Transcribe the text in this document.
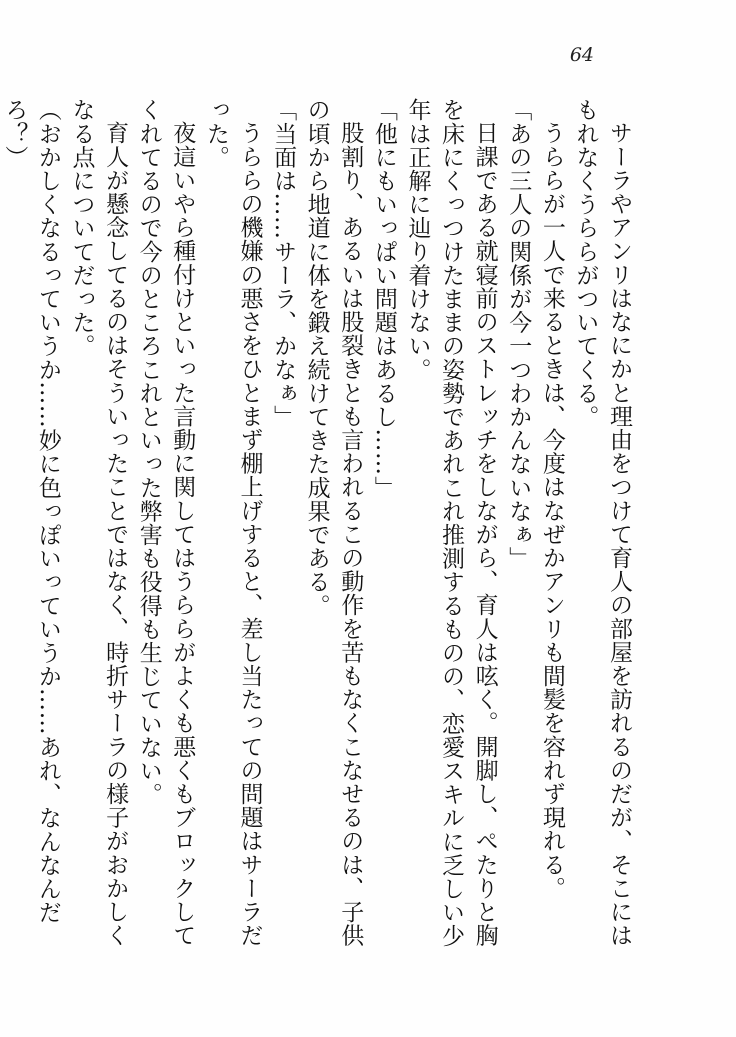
64

サーラやアンリはなにかと理由をつけて育人の部屋を訪れるのだが、そこにはもれなくうららがついてくる。

うららが一人で来るときは、今度はなぜかアンリも間髪を容れず現れる。

「あの三人の関係が今一つわかんないなぁ」

日課である就寝前のストレッチをしながら、育人は呟く。開脚し、ぺたりと胸を床にくっつけたままの姿勢であれこれ推測するものの、恋愛スキルに乏しい少年は正解に辿り着けない。

「他にもいっぱい問題はあるし……」

股割り、あるいは股裂きとも言われるこの動作を苦もなくこなせるのは、子供の頃から地道に体を鍛え続けてきた成果である。

「当面は……サーラ、かなぁ」

うららの機嫌の悪さをひとまず棚上げすると、差し当たっての問題はサーラだった。

夜這いやら種付けといった言動に関してはうららがよくも悪くもブロックしてくれてるので今のところこれといった弊害も役得も生じていない。

育人が懸念してるのはそういったことではなく、時折サーラの様子がおかしくなる点についてだった。

（おかしくなるっていうか……妙に色っぽいっていうか……あれ、なんなんだろ？）
